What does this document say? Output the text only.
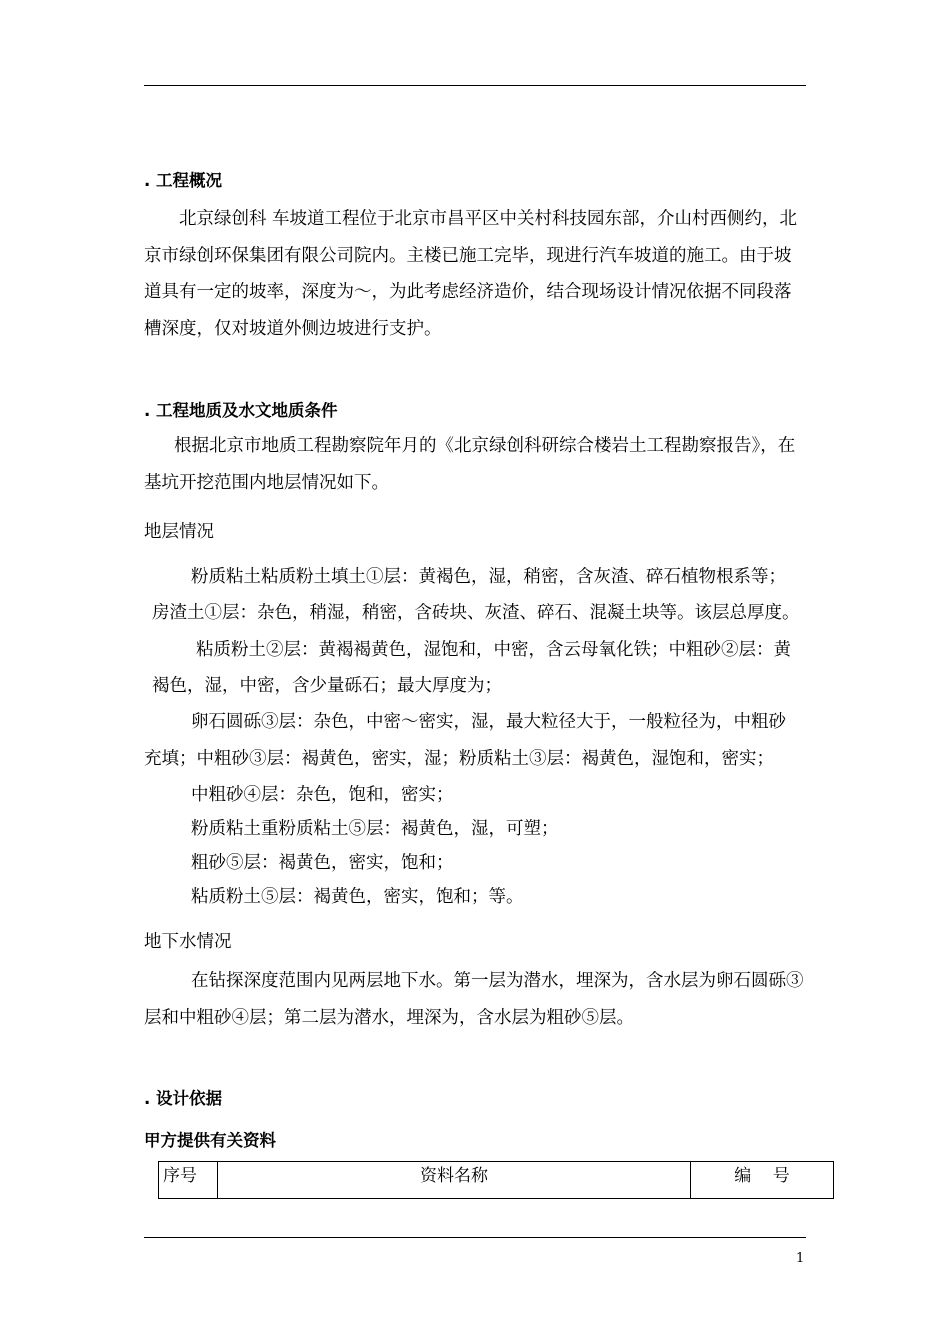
. 工程概况
北京绿创科 车坡道工程位于北京市昌平区中关村科技园东部，介山村西侧约，北京市绿创环保集团有限公司院内。主楼已施工完毕，现进行汽车坡道的施工。由于坡道具有一定的坡率，深度为～，为此考虑经济造价，结合现场设计情况依据不同段落槽深度，仅对坡道外侧边坡进行支护。
. 工程地质及水文地质条件
根据北京市地质工程勘察院年月的《北京绿创科研综合楼岩土工程勘察报告》，在基坑开挖范围内地层情况如下。
地层情况
粉质粘土粘质粉土填土①层：黄褐色，湿，稍密，含灰渣、碎石植物根系等；
房渣土①层：杂色，稍湿，稍密，含砖块、灰渣、碎石、混凝土块等。该层总厚度。
粘质粉土②层：黄褐褐黄色，湿饱和，中密，含云母氧化铁；中粗砂②层：黄
褐色，湿，中密，含少量砾石；最大厚度为；
卵石圆砾③层：杂色，中密～密实，湿，最大粒径大于，一般粒径为，中粗砂
充填；中粗砂③层：褐黄色，密实，湿；粉质粘土③层：褐黄色，湿饱和，密实；
中粗砂④层：杂色，饱和，密实；
粉质粘土重粉质粘土⑤层：褐黄色，湿，可塑；
粗砂⑤层：褐黄色，密实，饱和；
粘质粉土⑤层：褐黄色，密实，饱和；等。
地下水情况
在钻探深度范围内见两层地下水。第一层为潜水，埋深为，含水层为卵石圆砾③层和中粗砂④层；第二层为潜水，埋深为，含水层为粗砂⑤层。
. 设计依据
甲方提供有关资料
序号	资料名称	编    号
1
